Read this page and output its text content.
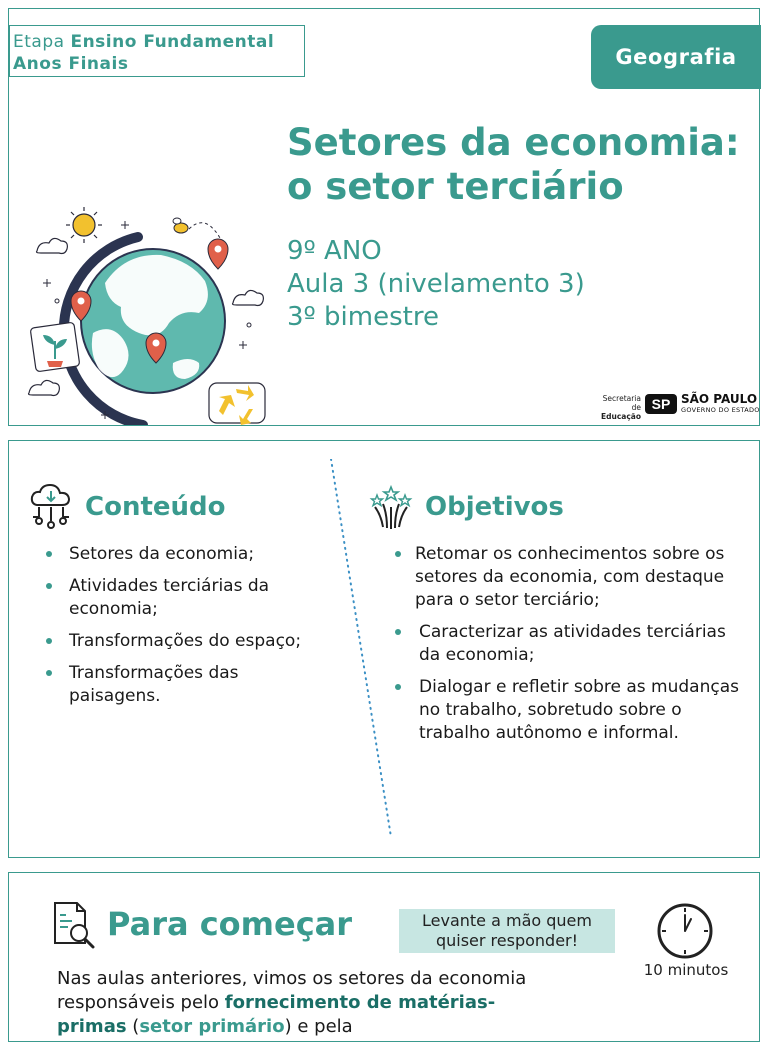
Etapa Ensino Fundamental
Anos Finais	Geografia
Setores da economia:
o setor terciário
9º ANO
Aula 3 (nivelamento 3)
3º bimestre
Secretaria de
Educação
SP SÃO PAULO
GOVERNO DO ESTADO
Conteúdo
Setores da economia;
Atividades terciárias da economia;
Transformações do espaço;
Transformações das paisagens.
Objetivos
Retomar os conhecimentos sobre os setores da economia, com destaque para o setor terciário;
Caracterizar as atividades terciárias da economia;
Dialogar e refletir sobre as mudanças no trabalho, sobretudo sobre o trabalho autônomo e informal.
Para começar	Levante a mão quem quiser responder!
10 minutos
Nas aulas anteriores, vimos os setores da economia responsáveis pelo fornecimento de matérias-primas (setor primário) e pela
